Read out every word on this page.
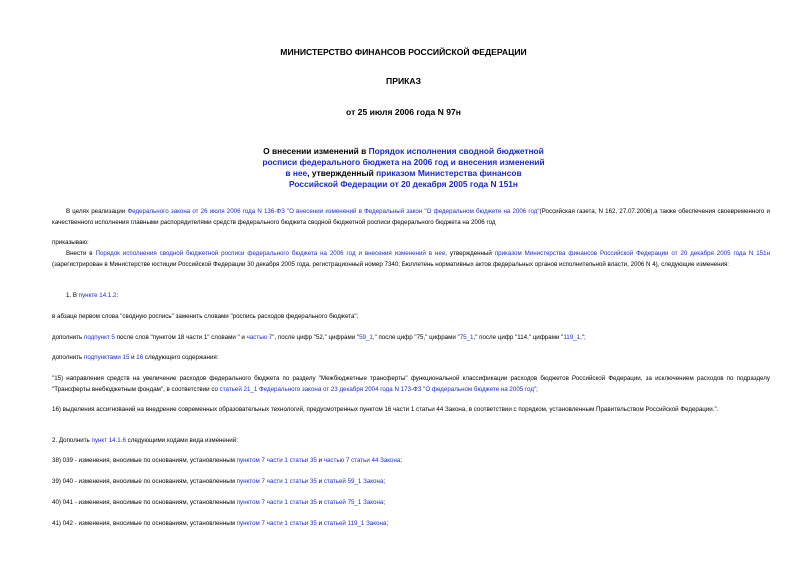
МИНИСТЕРСТВО ФИНАНСОВ РОССИЙСКОЙ ФЕДЕРАЦИИ
ПРИКАЗ
от 25 июля 2006 года N 97н
О внесении изменений в Порядок исполнения сводной бюджетной
росписи федерального бюджета на 2006 год и внесения изменений
в нее, утвержденный приказом Министерства финансов
Российской Федерации от 20 декабря 2005 года N 151н
В целях реализации Федерального закона от 26 июля 2006 года N 136-ФЗ "О внесении изменений в Федеральный закон "О федеральном бюджете на 2006 год"(Российская газета, N 162, 27.07.2006),а также обеспечения своевременного и качественного исполнения главными распорядителями средств федерального бюджета сводной бюджетной росписи федерального бюджета на 2006 год
приказываю:
Внести в Порядок исполнения сводной бюджетной росписи федерального бюджета на 2006 год и внесения изменений в нее, утвержденный приказом Министерства финансов Российской Федерации от 20 декабря 2005 года N 151н (зарегистрирован в Министерстве юстиции Российской Федерации 30 декабря 2005 года, регистрационный номер 7340; Бюллетень нормативных актов федеральных органов исполнительной власти, 2006 N 4), следующие изменения:
1. В пункте 14.1.2:
в абзаце первом слова "сводную роспись" заменить словами "роспись расходов федерального бюджета";
дополнить подпункт 5 после слов "пунктом 18 части 1" словами " и частью 7", после цифр "52," цифрами "59_1," после цифр "75," цифрами "75_1," после цифр "114," цифрами "119_1,";
дополнить подпунктами 15 и 16 следующего содержания:
"15) направления средств на увеличение расходов федерального бюджета по разделу "Межбюджетные трансферты" функциональной классификации расходов бюджетов Российской Федерации, за исключением расходов по подразделу "Трансферты внебюджетным фондам", в соответствии со статьей 21_1 Федерального закона от 23 декабря 2004 года N 173-ФЗ "О федеральном бюджете на 2005 год";
16) выделения ассигнований на внедрение современных образовательных технологий, предусмотренных пунктом 16 части 1 статьи 44 Закона, в соответствии с порядком, установленным Правительством Российской Федерации.".
2. Дополнить пункт 14.1.6 следующими кодами вида изменений:
38) 039 - изменения, вносимые по основаниям, установленным пунктом 7 части 1 статьи 35 и частью 7 статьи 44 Закона;
39) 040 - изменения, вносимые по основаниям, установленным пунктом 7 части 1 статьи 35 и статьей 59_1 Закона;
40) 041 - изменения, вносимые по основаниям, установленным пунктом 7 части 1 статьи 35 и статьей 75_1 Закона;
41) 042 - изменения, вносимые по основаниям, установленным пунктом 7 части 1 статьи 35 и статьей 119_1 Закона;
